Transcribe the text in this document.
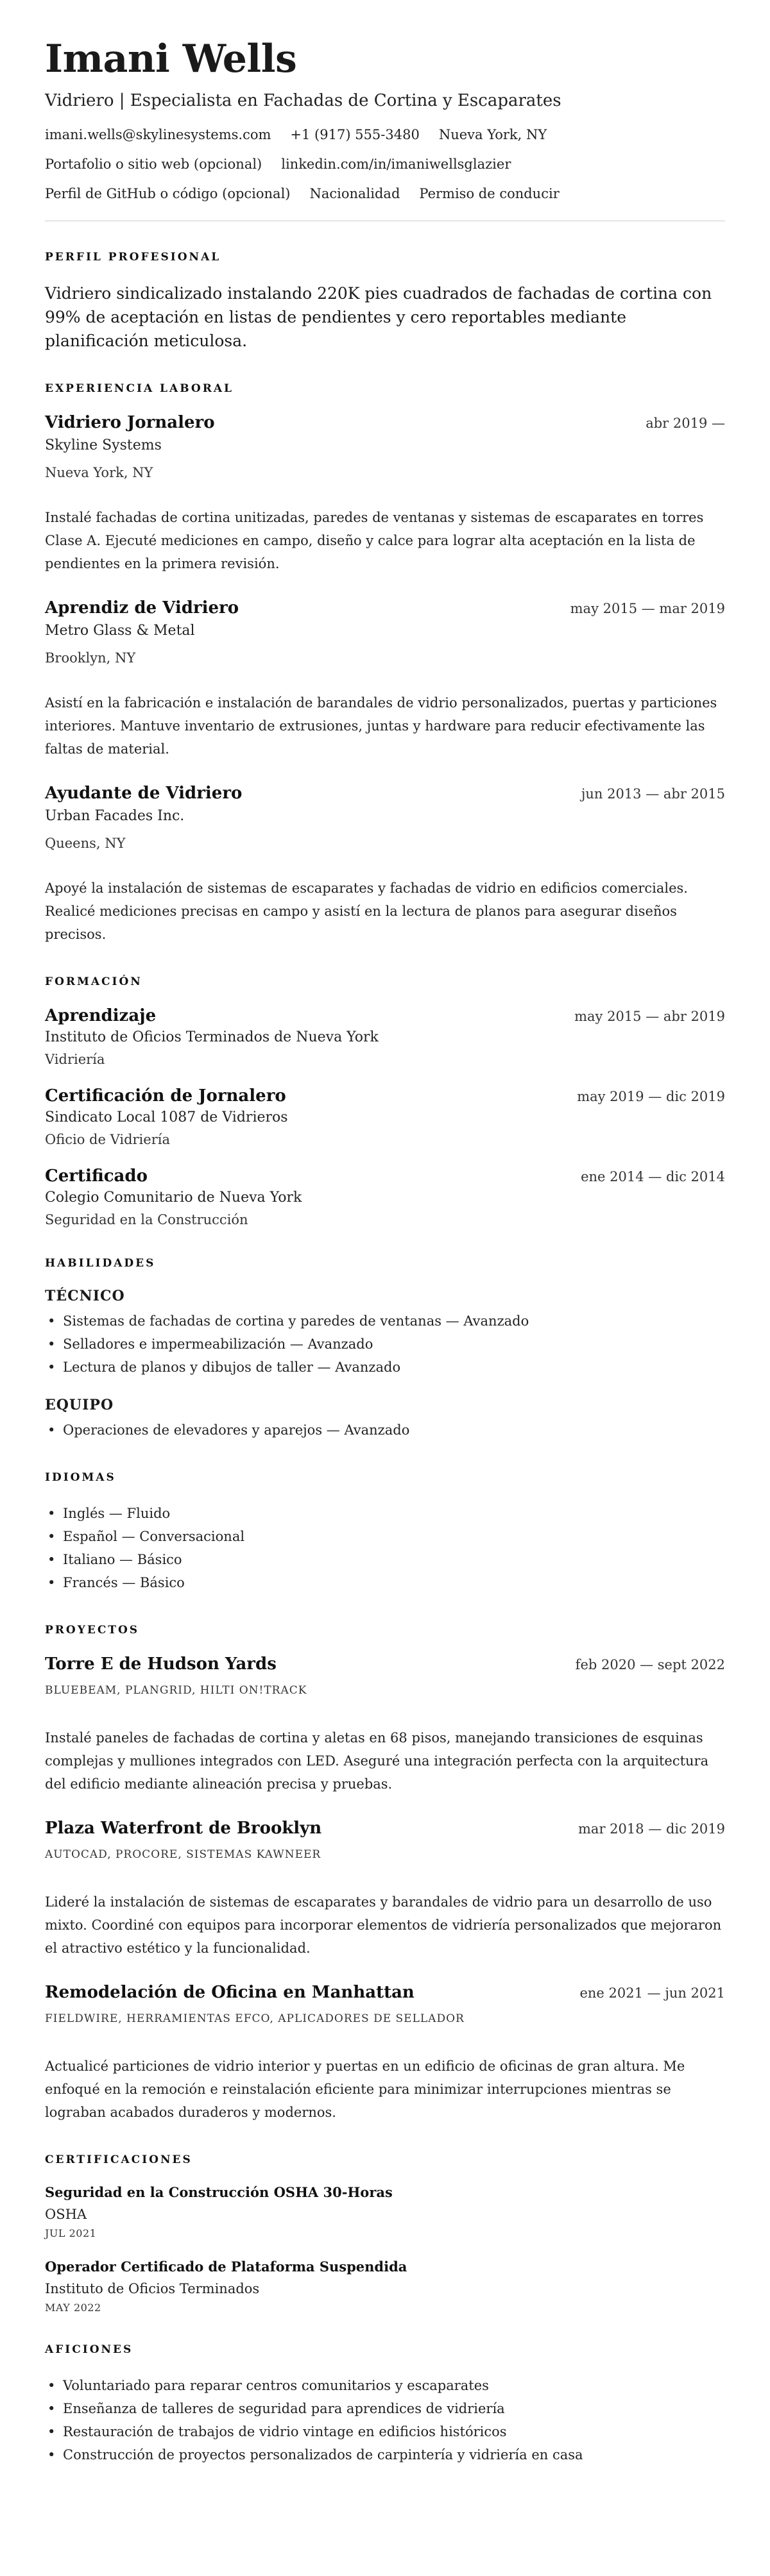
Imani Wells
Vidriero | Especialista en Fachadas de Cortina y Escaparates
imani.wells@skylinesystems.com +1 (917) 555-3480 Nueva York, NY
Portafolio o sitio web (opcional) linkedin.com/in/imaniwellsglazier
Perfil de GitHub o código (opcional) Nacionalidad Permiso de conducir
PERFIL PROFESIONAL

Vidriero sindicalizado instalando 220K pies cuadrados de fachadas de cortina con 99% de aceptación en listas de pendientes y cero reportables mediante planificación meticulosa.

EXPERIENCIA LABORAL
Vidriero Jornalero	abr 2019 —
Skyline Systems
Nueva York, NY

Instalé fachadas de cortina unitizadas, paredes de ventanas y sistemas de escaparates en torres Clase A. Ejecuté mediciones en campo, diseño y calce para lograr alta aceptación en la lista de pendientes en la primera revisión.

Aprendiz de Vidriero	may 2015 — mar 2019
Metro Glass & Metal
Brooklyn, NY

Asistí en la fabricación e instalación de barandales de vidrio personalizados, puertas y particiones interiores. Mantuve inventario de extrusiones, juntas y hardware para reducir efectivamente las faltas de material.

Ayudante de Vidriero	jun 2013 — abr 2015
Urban Facades Inc.
Queens, NY

Apoyé la instalación de sistemas de escaparates y fachadas de vidrio en edificios comerciales. Realicé mediciones precisas en campo y asistí en la lectura de planos para asegurar diseños precisos.

FORMACIÓN
Aprendizaje	may 2015 — abr 2019
Instituto de Oficios Terminados de Nueva York
Vidriería
Certificación de Jornalero	may 2019 — dic 2019
Sindicato Local 1087 de Vidrieros
Oficio de Vidriería
Certificado	ene 2014 — dic 2014
Colegio Comunitario de Nueva York
Seguridad en la Construcción
HABILIDADES
TÉCNICO
• Sistemas de fachadas de cortina y paredes de ventanas — Avanzado
• Selladores e impermeabilización — Avanzado
• Lectura de planos y dibujos de taller — Avanzado
EQUIPO
• Operaciones de elevadores y aparejos — Avanzado
IDIOMAS
• Inglés — Fluido
• Español — Conversacional
• Italiano — Básico
• Francés — Básico
PROYECTOS
Torre E de Hudson Yards	feb 2020 — sept 2022
BLUEBEAM, PLANGRID, HILTI ON!TRACK

Instalé paneles de fachadas de cortina y aletas en 68 pisos, manejando transiciones de esquinas complejas y mulliones integrados con LED. Aseguré una integración perfecta con la arquitectura del edificio mediante alineación precisa y pruebas.

Plaza Waterfront de Brooklyn	mar 2018 — dic 2019
AUTOCAD, PROCORE, SISTEMAS KAWNEER

Lideré la instalación de sistemas de escaparates y barandales de vidrio para un desarrollo de uso mixto. Coordiné con equipos para incorporar elementos de vidriería personalizados que mejoraron el atractivo estético y la funcionalidad.

Remodelación de Oficina en Manhattan	ene 2021 — jun 2021
FIELDWIRE, HERRAMIENTAS EFCO, APLICADORES DE SELLADOR

Actualicé particiones de vidrio interior y puertas en un edificio de oficinas de gran altura. Me enfoqué en la remoción e reinstalación eficiente para minimizar interrupciones mientras se lograban acabados duraderos y modernos.

CERTIFICACIONES
Seguridad en la Construcción OSHA 30-Horas
OSHA
JUL 2021
Operador Certificado de Plataforma Suspendida
Instituto de Oficios Terminados
MAY 2022
AFICIONES
• Voluntariado para reparar centros comunitarios y escaparates
• Enseñanza de talleres de seguridad para aprendices de vidriería
• Restauración de trabajos de vidrio vintage en edificios históricos
• Construcción de proyectos personalizados de carpintería y vidriería en casa
